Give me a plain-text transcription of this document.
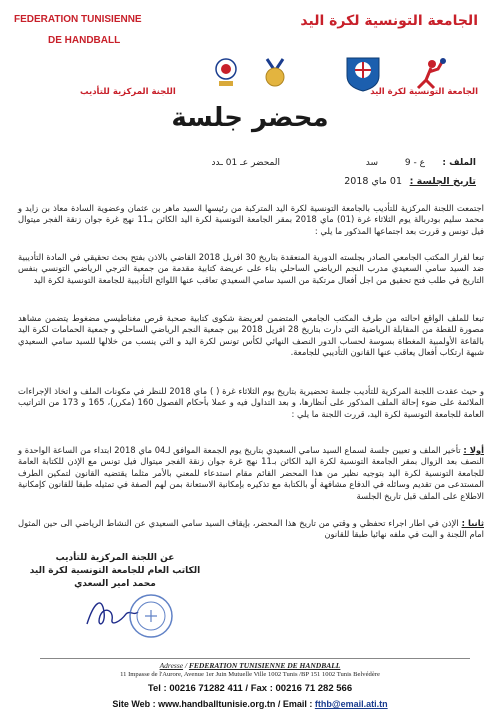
FEDERATION TUNISIENNE
DE HANDBALL
الجامعة التونسية لكرة اليد
اللجنة المركزية للتأديب	الجامعة التونسية لكرة اليد
محضر جلسة
الملف :
ع - 9
سد
المحضر عـ 01 ـدد
تاريخ الجلسة :
01 ماي 2018
اجتمعت اللجنة المركزية للتأديب بالجامعة التونسية لكرة اليد المتركبة من رئيسها السيد ماهر بن عثمان وعضوية السادة معاذ بن زايد و محمد سليم بودربالة يوم الثلاثاء غرة (01) ماي 2018 بمقر الجامعة التونسية لكرة اليد الكائن بـ11 نهج غرة جوان زنقة الفجر ميتوال فيل تونس و قررت بعد اجتماعها المذكور ما يلي :
تبعا لقرار المكتب الجامعي الصادر بجلسته الدورية المنعقدة بتاريخ 30 افريل 2018 القاضي بالاذن بفتح بحث تحقيقي في المادة التأديبية ضد السيد سامي السعيدي مدرب النجم الرياضي الساحلي بناء على عريضة كتابية مقدمة من جمعية الترجي الرياضي التونسي بنفس التاريخ في طلب فتح تحقيق من اجل أفعال مرتكبة من السيد سامي السعيدي تعاقب عنها اللوائح التأديبية للجامعة التونسية لكرة اليد
تبعا للملف الواقع احالته من طرف المكتب الجامعي المتضمن لعريضة شكوى كتابية صحبة قرص مغناطيسي مضغوط يتضمن مشاهد مصورة للقطة من المقابلة الرياضية التي دارت بتاريخ 28 افريل 2018 بين جمعية النجم الرياضي الساحلي و جمعية الحمامات لكرة اليد بالقاعة الأولمبية المغطاة بسوسة لحساب الدور النصف النهائي لكأس تونس لكرة اليد و التي ينسب من خلالها للسيد سامي السعيدي شبهة ارتكاب أفعال يعاقب عنها القانون التأديبي للجامعة.
و حيث عقدت اللجنة المركزية للتأديب جلسة تحضيرية بتاريخ يوم الثلاثاء غرة ( ) ماي 2018 للنظر في مكونات الملف و اتخاذ الإجراءات الملائمة على ضوء إحالة الملف المذكور على أنظارها، و بعد التداول فيه و عملا بأحكام الفصول 160 (مكرر)، 165 و 173 من التراتيب العامة للجامعة التونسية لكرة اليد، قررت اللجنة ما يلي :
أولا : تأخير الملف و تعيين جلسة لسماع السيد سامي السعيدي بتاريخ يوم الجمعة الموافق لـ04 ماي 2018 ابتداء من الساعة الواحدة و النصف بعد الزوال بمقر الجامعة التونسية لكرة اليد الكائن بـ11 نهج غرة جوان زنقة الفجر ميتوال فيل تونس مع الإذن للكتابة العامة للجامعة التونسية لكرة اليد بتوجيه نظير من هذا المحضر القائم مقام استدعاء للمعني بالأمر مثلما يقتضيه القانون لتمكين الطرف المستدعى من تقديم وسائله في الدفاع مشافهة أو بالكتابة مع تذكيره بإمكانية الاستعانة بمن لهم الصفة في تمثيله طبقا للقانون كإمكانية الاطلاع على الملف قبل تاريخ الجلسة
ثانيا : الإذن في اطار اجراء تحفظي و وقتي من تاريخ هذا المحضر، بإيقاف السيد سامي السعيدي عن النشاط الرياضي الى حين المثول امام اللجنة و البت في ملفه نهائيا طبقا للقانون
عن اللجنة المركزية للتأديب
الكاتب العام للجامعة التونسية لكرة اليد
محمد امير السعدي
Adresse / FEDERATION TUNISIENNE DE HANDBALL
11 Impasse de l'Aurore, Avenue 1er Juin Mutuelle Ville 1002 Tunis /BP 151 1002 Tunis Belvédère
Tel : 00216 71282 411 / Fax : 00216 71 282 566
Site Web : www.handballtunisie.org.tn / Email : fthb@email.ati.tn
